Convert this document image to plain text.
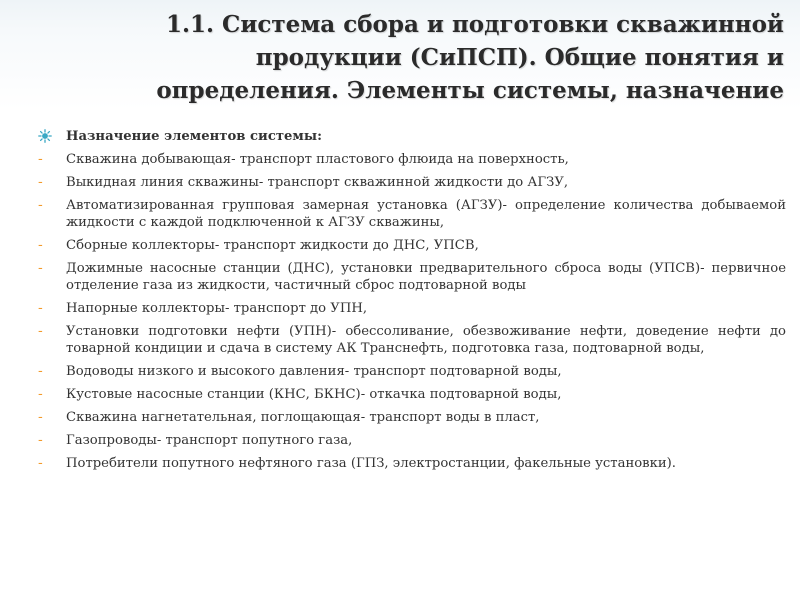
1.1. Система сбора и подготовки скважинной продукции (СиПСП). Общие понятия и определения. Элементы системы, назначение
Назначение элементов системы:
-	Скважина добывающая- транспорт пластового флюида на поверхность,
-	Выкидная линия скважины- транспорт скважинной жидкости до АГЗУ,
-	Автоматизированная групповая замерная установка (АГЗУ)- определение количества добываемой жидкости с каждой подключенной к АГЗУ скважины,
-	Сборные коллекторы- транспорт жидкости до ДНС, УПСВ,
-	Дожимные насосные станции (ДНС), установки предварительного сброса воды (УПСВ)- первичное отделение газа из жидкости, частичный сброс подтоварной воды
-	Напорные коллекторы- транспорт до УПН,
-	Установки подготовки нефти (УПН)- обессоливание, обезвоживание нефти, доведение нефти до товарной кондиции и сдача в систему АК Транснефть, подготовка газа, подтоварной воды,
-	Водоводы низкого и высокого давления- транспорт подтоварной воды,
-	Кустовые насосные станции (КНС, БКНС)- откачка подтоварной воды,
-	Скважина нагнетательная, поглощающая- транспорт воды в пласт,
-	Газопроводы- транспорт попутного газа,
-	Потребители попутного нефтяного газа (ГПЗ, электростанции, факельные установки).
